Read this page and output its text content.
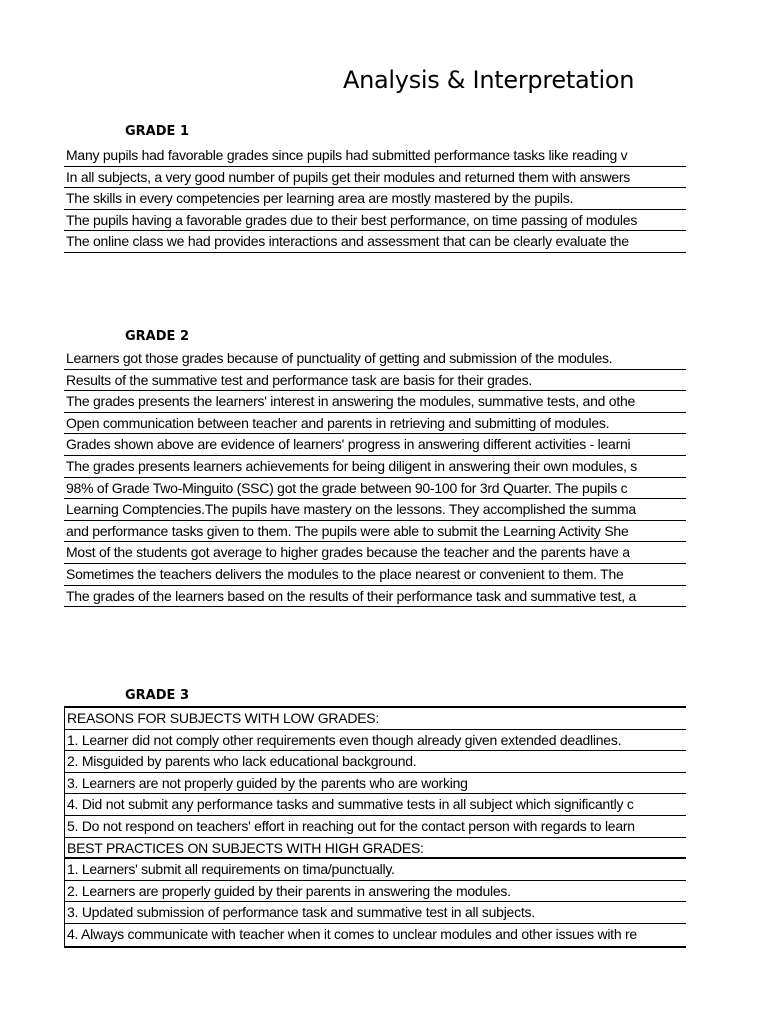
Analysis & Interpretation
GRADE 1
Many pupils had favorable grades since pupils had submitted performance tasks like reading v
In all subjects, a very good number of pupils get their modules and returned them with answers
The skills in every competencies per learning area are mostly mastered by the pupils.
The pupils having a favorable grades due to their best performance, on time passing of modules
The online class we had provides interactions and assessment that can be clearly evaluate the
GRADE 2
Learners got those grades because of punctuality of getting and submission of the modules.
Results of the summative test and performance task are basis for their grades.
The grades presents the learners' interest in answering the modules, summative tests, and othe
Open communication between teacher and parents in retrieving and submitting of modules.
Grades shown above are evidence of learners' progress in answering different activities - learni
The grades presents learners achievements for being diligent in answering their own modules, s
98% of Grade Two-Minguito (SSC) got the grade between 90-100 for 3rd Quarter. The pupils c
Learning Comptencies.The pupils have mastery on the lessons. They accomplished the summa
and performance tasks given to them. The pupils were able to submit the Learning Activity She
Most of the students got average to higher grades because the teacher and the parents have a
Sometimes the teachers delivers the modules to the place nearest or convenient to them. The
The grades of the learners based on the results of their performance task and summative test, a
GRADE 3
REASONS FOR SUBJECTS WITH LOW GRADES:
1. Learner did not comply other requirements even though already given extended deadlines.
2. Misguided by parents who lack educational background.
3. Learners are not properly guided by the parents who are working
4. Did not submit any performance tasks and summative tests in all subject which significantly c
5. Do not respond on teachers' effort in reaching out for the contact person with regards to learn
BEST PRACTICES ON SUBJECTS WITH HIGH GRADES:
1. Learners' submit all requirements on tima/punctually.
2. Learners are properly guided by their parents in answering the modules.
3. Updated submission of performance task and summative test in all subjects.
4. Always communicate with teacher when it comes to unclear modules and other issues with re
